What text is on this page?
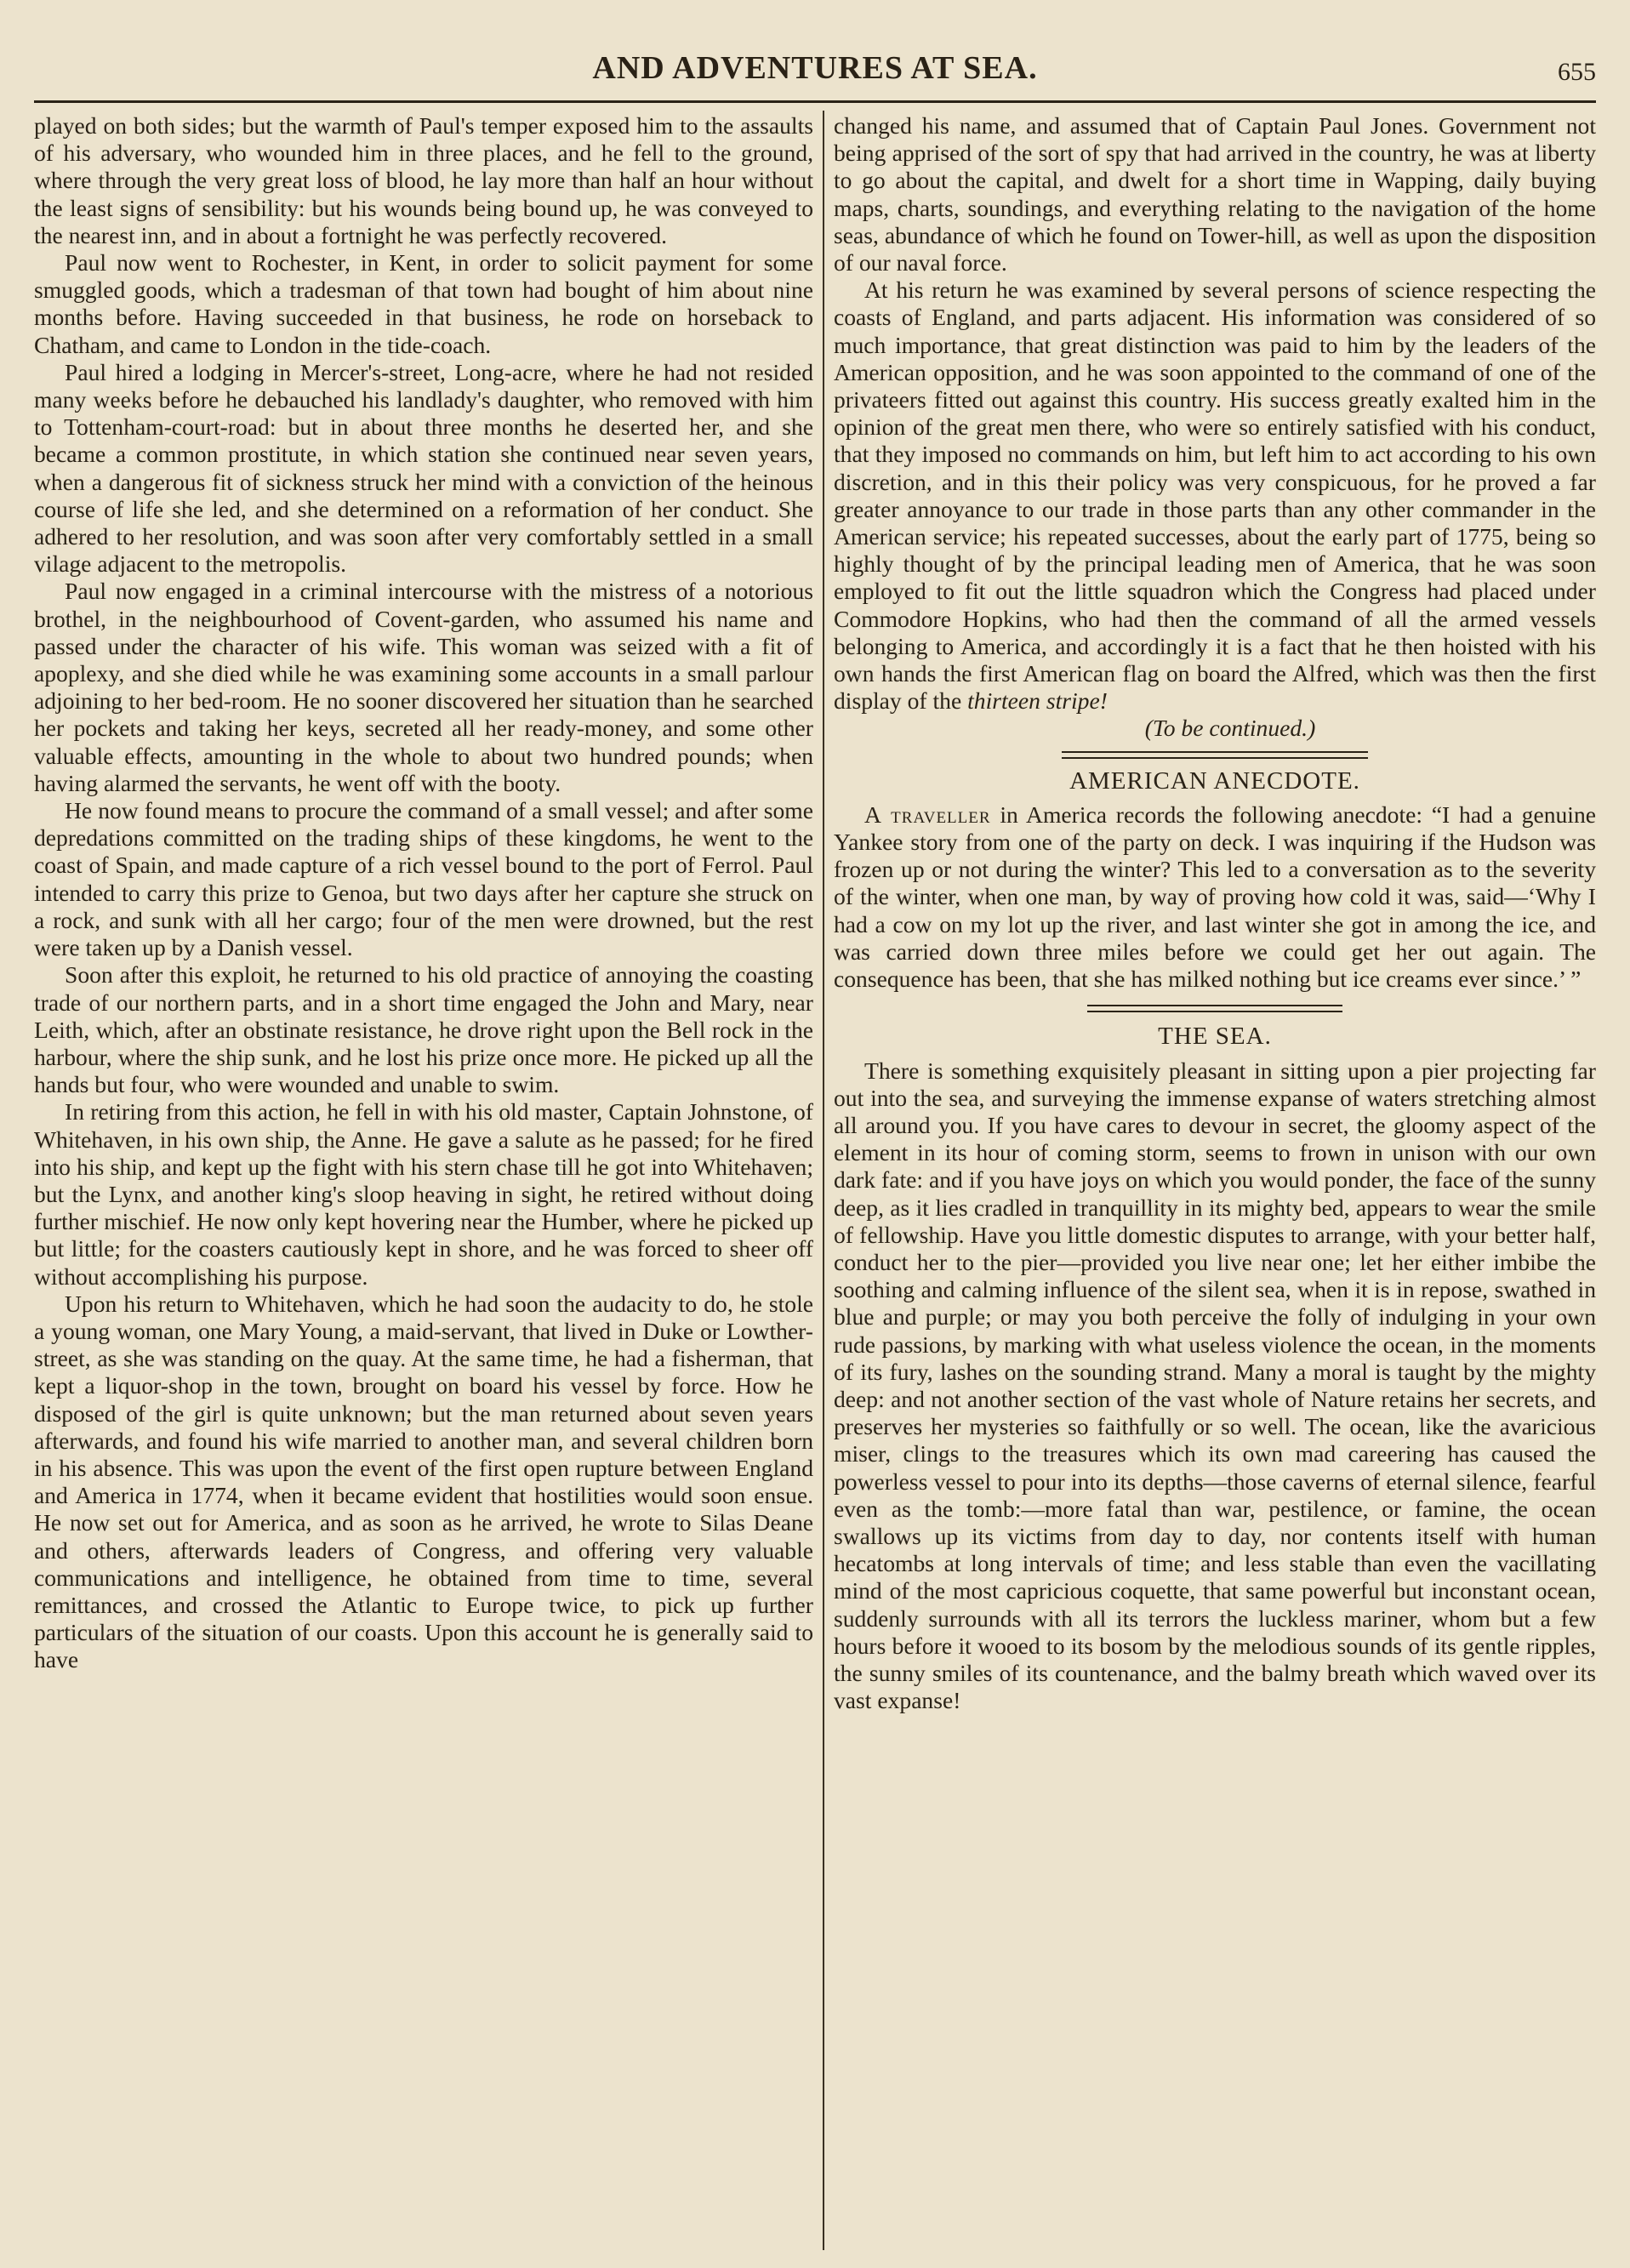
AND ADVENTURES AT SEA.	655

played on both sides; but the warmth of Paul's temper exposed him to the assaults of his adversary, who wounded him in three places, and he fell to the ground, where through the very great loss of blood, he lay more than half an hour without the least signs of sensibility: but his wounds being bound up, he was conveyed to the nearest inn, and in about a fortnight he was perfectly recovered.

Paul now went to Rochester, in Kent, in order to solicit payment for some smuggled goods, which a tradesman of that town had bought of him about nine months before. Having succeeded in that business, he rode on horseback to Chatham, and came to London in the tide-coach.

Paul hired a lodging in Mercer's-street, Long-acre, where he had not resided many weeks before he debauched his landlady's daughter, who removed with him to Tottenham-court-road: but in about three months he deserted her, and she became a common prostitute, in which station she continued near seven years, when a dangerous fit of sickness struck her mind with a conviction of the heinous course of life she led, and she determined on a reformation of her conduct. She adhered to her resolution, and was soon after very comfortably settled in a small vilage adjacent to the metropolis.

Paul now engaged in a criminal intercourse with the mistress of a notorious brothel, in the neighbourhood of Covent-garden, who assumed his name and passed under the character of his wife. This woman was seized with a fit of apoplexy, and she died while he was examining some accounts in a small parlour adjoining to her bed-room. He no sooner discovered her situation than he searched her pockets and taking her keys, secreted all her ready-money, and some other valuable effects, amounting in the whole to about two hundred pounds; when having alarmed the servants, he went off with the booty.

He now found means to procure the command of a small vessel; and after some depredations committed on the trading ships of these kingdoms, he went to the coast of Spain, and made capture of a rich vessel bound to the port of Ferrol. Paul intended to carry this prize to Genoa, but two days after her capture she struck on a rock, and sunk with all her cargo; four of the men were drowned, but the rest were taken up by a Danish vessel.

Soon after this exploit, he returned to his old practice of annoying the coasting trade of our northern parts, and in a short time engaged the John and Mary, near Leith, which, after an obstinate resistance, he drove right upon the Bell rock in the harbour, where the ship sunk, and he lost his prize once more. He picked up all the hands but four, who were wounded and unable to swim.

In retiring from this action, he fell in with his old master, Captain Johnstone, of Whitehaven, in his own ship, the Anne. He gave a salute as he passed; for he fired into his ship, and kept up the fight with his stern chase till he got into Whitehaven; but the Lynx, and another king's sloop heaving in sight, he retired without doing further mischief. He now only kept hovering near the Humber, where he picked up but little; for the coasters cautiously kept in shore, and he was forced to sheer off without accomplishing his purpose.

Upon his return to Whitehaven, which he had soon the audacity to do, he stole a young woman, one Mary Young, a maid-servant, that lived in Duke or Lowther-street, as she was standing on the quay. At the same time, he had a fisherman, that kept a liquor-shop in the town, brought on board his vessel by force. How he disposed of the girl is quite unknown; but the man returned about seven years afterwards, and found his wife married to another man, and several children born in his absence. This was upon the event of the first open rupture between England and America in 1774, when it became evident that hostilities would soon ensue. He now set out for America, and as soon as he arrived, he wrote to Silas Deane and others, afterwards leaders of Congress, and offering very valuable communications and intelligence, he obtained from time to time, several remittances, and crossed the Atlantic to Europe twice, to pick up further particulars of the situation of our coasts. Upon this account he is generally said to have

changed his name, and assumed that of Captain Paul Jones. Government not being apprised of the sort of spy that had arrived in the country, he was at liberty to go about the capital, and dwelt for a short time in Wapping, daily buying maps, charts, soundings, and everything relating to the navigation of the home seas, abundance of which he found on Tower-hill, as well as upon the disposition of our naval force.

At his return he was examined by several persons of science respecting the coasts of England, and parts adjacent. His information was considered of so much importance, that great distinction was paid to him by the leaders of the American opposition, and he was soon appointed to the command of one of the privateers fitted out against this country. His success greatly exalted him in the opinion of the great men there, who were so entirely satisfied with his conduct, that they imposed no commands on him, but left him to act according to his own discretion, and in this their policy was very conspicuous, for he proved a far greater annoyance to our trade in those parts than any other commander in the American service; his repeated successes, about the early part of 1775, being so highly thought of by the principal leading men of America, that he was soon employed to fit out the little squadron which the Congress had placed under Commodore Hopkins, who had then the command of all the armed vessels belonging to America, and accordingly it is a fact that he then hoisted with his own hands the first American flag on board the Alfred, which was then the first display of the thirteen stripe!

(To be continued.)

AMERICAN ANECDOTE.

A traveller in America records the following anecdote: “I had a genuine Yankee story from one of the party on deck. I was inquiring if the Hudson was frozen up or not during the winter? This led to a conversation as to the severity of the winter, when one man, by way of proving how cold it was, said—‘Why I had a cow on my lot up the river, and last winter she got in among the ice, and was carried down three miles before we could get her out again. The consequence has been, that she has milked nothing but ice creams ever since.’ ”

THE SEA.

There is something exquisitely pleasant in sitting upon a pier projecting far out into the sea, and surveying the immense expanse of waters stretching almost all around you. If you have cares to devour in secret, the gloomy aspect of the element in its hour of coming storm, seems to frown in unison with our own dark fate: and if you have joys on which you would ponder, the face of the sunny deep, as it lies cradled in tranquillity in its mighty bed, appears to wear the smile of fellowship. Have you little domestic disputes to arrange, with your better half, conduct her to the pier—provided you live near one; let her either imbibe the soothing and calming influence of the silent sea, when it is in repose, swathed in blue and purple; or may you both perceive the folly of indulging in your own rude passions, by marking with what useless violence the ocean, in the moments of its fury, lashes on the sounding strand. Many a moral is taught by the mighty deep: and not another section of the vast whole of Nature retains her secrets, and preserves her mysteries so faithfully or so well. The ocean, like the avaricious miser, clings to the treasures which its own mad careering has caused the powerless vessel to pour into its depths—those caverns of eternal silence, fearful even as the tomb:—more fatal than war, pestilence, or famine, the ocean swallows up its victims from day to day, nor contents itself with human hecatombs at long intervals of time; and less stable than even the vacillating mind of the most capricious coquette, that same powerful but inconstant ocean, suddenly surrounds with all its terrors the luckless mariner, whom but a few hours before it wooed to its bosom by the melodious sounds of its gentle ripples, the sunny smiles of its countenance, and the balmy breath which waved over its vast expanse!
